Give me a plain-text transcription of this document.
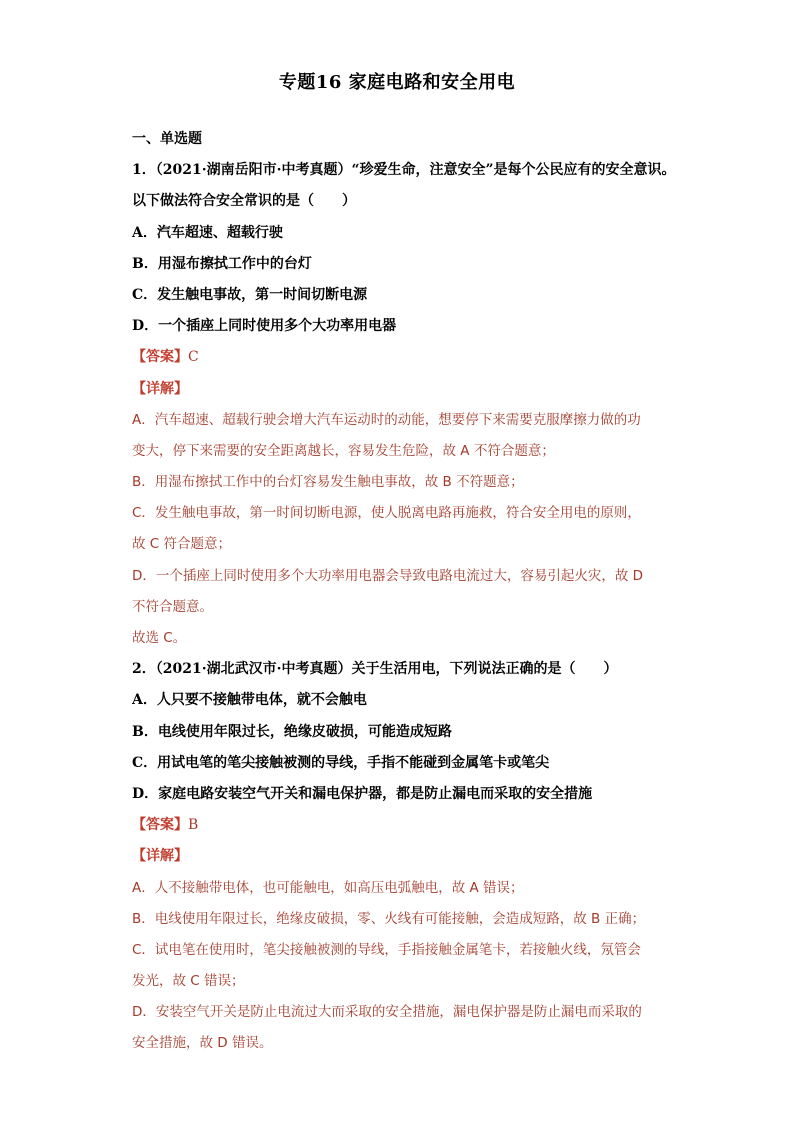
专题16 家庭电路和安全用电
一、单选题
1．（2021·湖南岳阳市·中考真题）“珍爱生命，注意安全”是每个公民应有的安全意识。
以下做法符合安全常识的是（　　）
A．汽车超速、超载行驶
B．用湿布擦拭工作中的台灯
C．发生触电事故，第一时间切断电源
D．一个插座上同时使用多个大功率用电器
【答案】C
【详解】
A．汽车超速、超载行驶会增大汽车运动时的动能，想要停下来需要克服摩擦力做的功
变大，停下来需要的安全距离越长，容易发生危险，故 A 不符合题意；
B．用湿布擦拭工作中的台灯容易发生触电事故，故 B 不符题意；
C．发生触电事故，第一时间切断电源，使人脱离电路再施救，符合安全用电的原则，
故 C 符合题意；
D．一个插座上同时使用多个大功率用电器会导致电路电流过大，容易引起火灾，故 D
不符合题意。
故选 C。
2．（2021·湖北武汉市·中考真题）关于生活用电，下列说法正确的是（　　）
A．人只要不接触带电体，就不会触电
B．电线使用年限过长，绝缘皮破损，可能造成短路
C．用试电笔的笔尖接触被测的导线，手指不能碰到金属笔卡或笔尖
D．家庭电路安装空气开关和漏电保护器，都是防止漏电而采取的安全措施
【答案】B
【详解】
A．人不接触带电体，也可能触电，如高压电弧触电，故 A 错误；
B．电线使用年限过长，绝缘皮破损，零、火线有可能接触，会造成短路，故 B 正确；
C．试电笔在使用时，笔尖接触被测的导线，手指接触金属笔卡，若接触火线，氖管会
发光，故 C 错误；
D．安装空气开关是防止电流过大而采取的安全措施，漏电保护器是防止漏电而采取的
安全措施，故 D 错误。
